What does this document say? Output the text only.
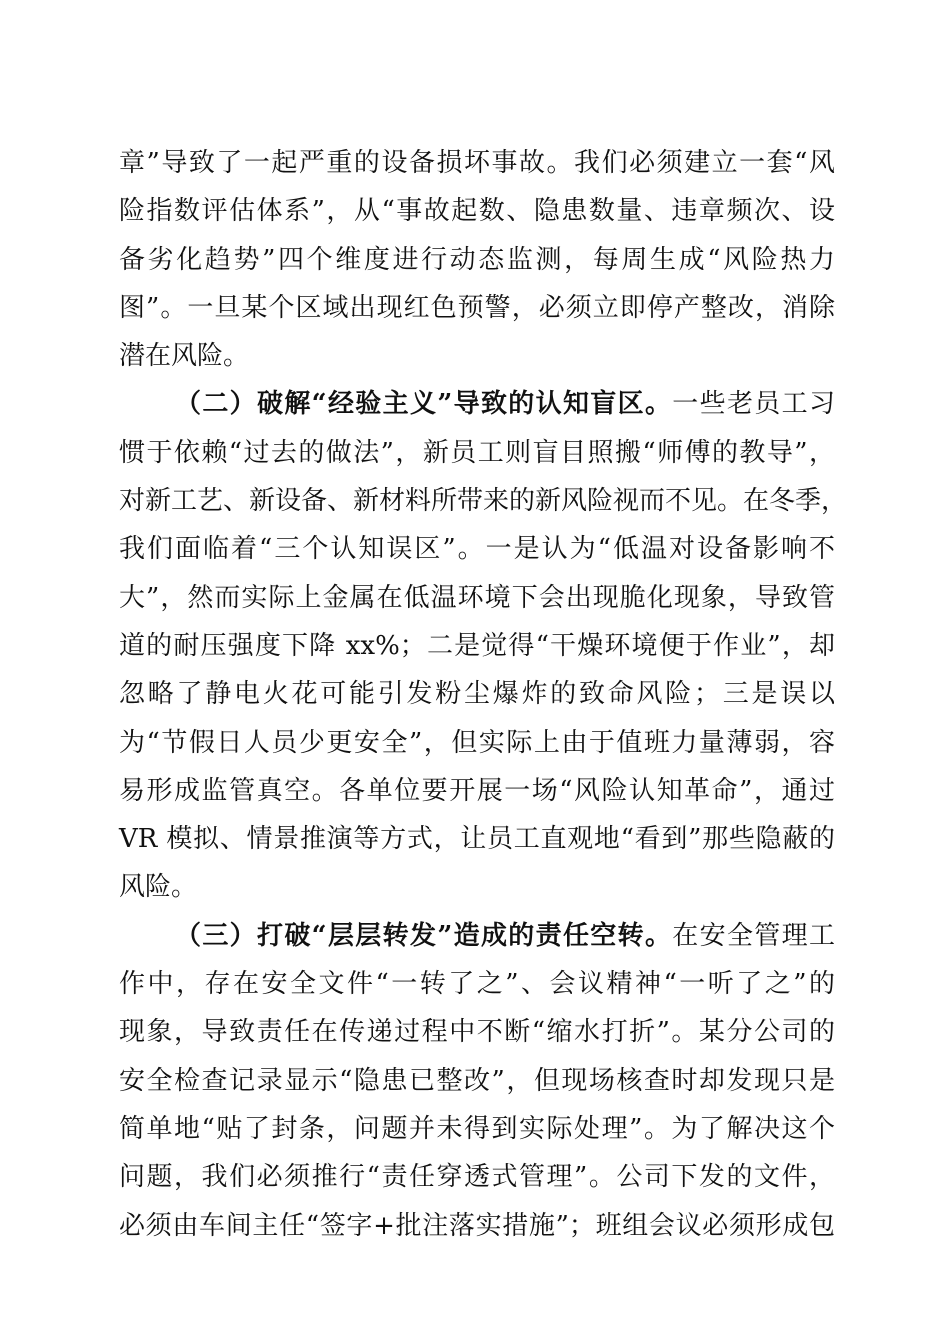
章”导致了一起严重的设备损坏事故。我们必须建立一套“风
险指数评估体系”，从“事故起数、隐患数量、违章频次、设
备劣化趋势”四个维度进行动态监测，每周生成“风险热力
图”。一旦某个区域出现红色预警，必须立即停产整改，消除
潜在风险。
（二）破解“经验主义”导致的认知盲区。一些老员工习
惯于依赖“过去的做法”，新员工则盲目照搬“师傅的教导”，
对新工艺、新设备、新材料所带来的新风险视而不见。在冬季，
我们面临着“三个认知误区”。一是认为“低温对设备影响不
大”，然而实际上金属在低温环境下会出现脆化现象，导致管
道的耐压强度下降 xx%；二是觉得“干燥环境便于作业”，却
忽略了静电火花可能引发粉尘爆炸的致命风险；三是误以
为“节假日人员少更安全”，但实际上由于值班力量薄弱，容
易形成监管真空。各单位要开展一场“风险认知革命”，通过
VR 模拟、情景推演等方式，让员工直观地“看到”那些隐蔽的
风险。
（三）打破“层层转发”造成的责任空转。在安全管理工
作中，存在安全文件“一转了之”、会议精神“一听了之”的
现象，导致责任在传递过程中不断“缩水打折”。某分公司的
安全检查记录显示“隐患已整改”，但现场核查时却发现只是
简单地“贴了封条，问题并未得到实际处理”。为了解决这个
问题，我们必须推行“责任穿透式管理”。公司下发的文件，
必须由车间主任“签字+批注落实措施”；班组会议必须形成包
